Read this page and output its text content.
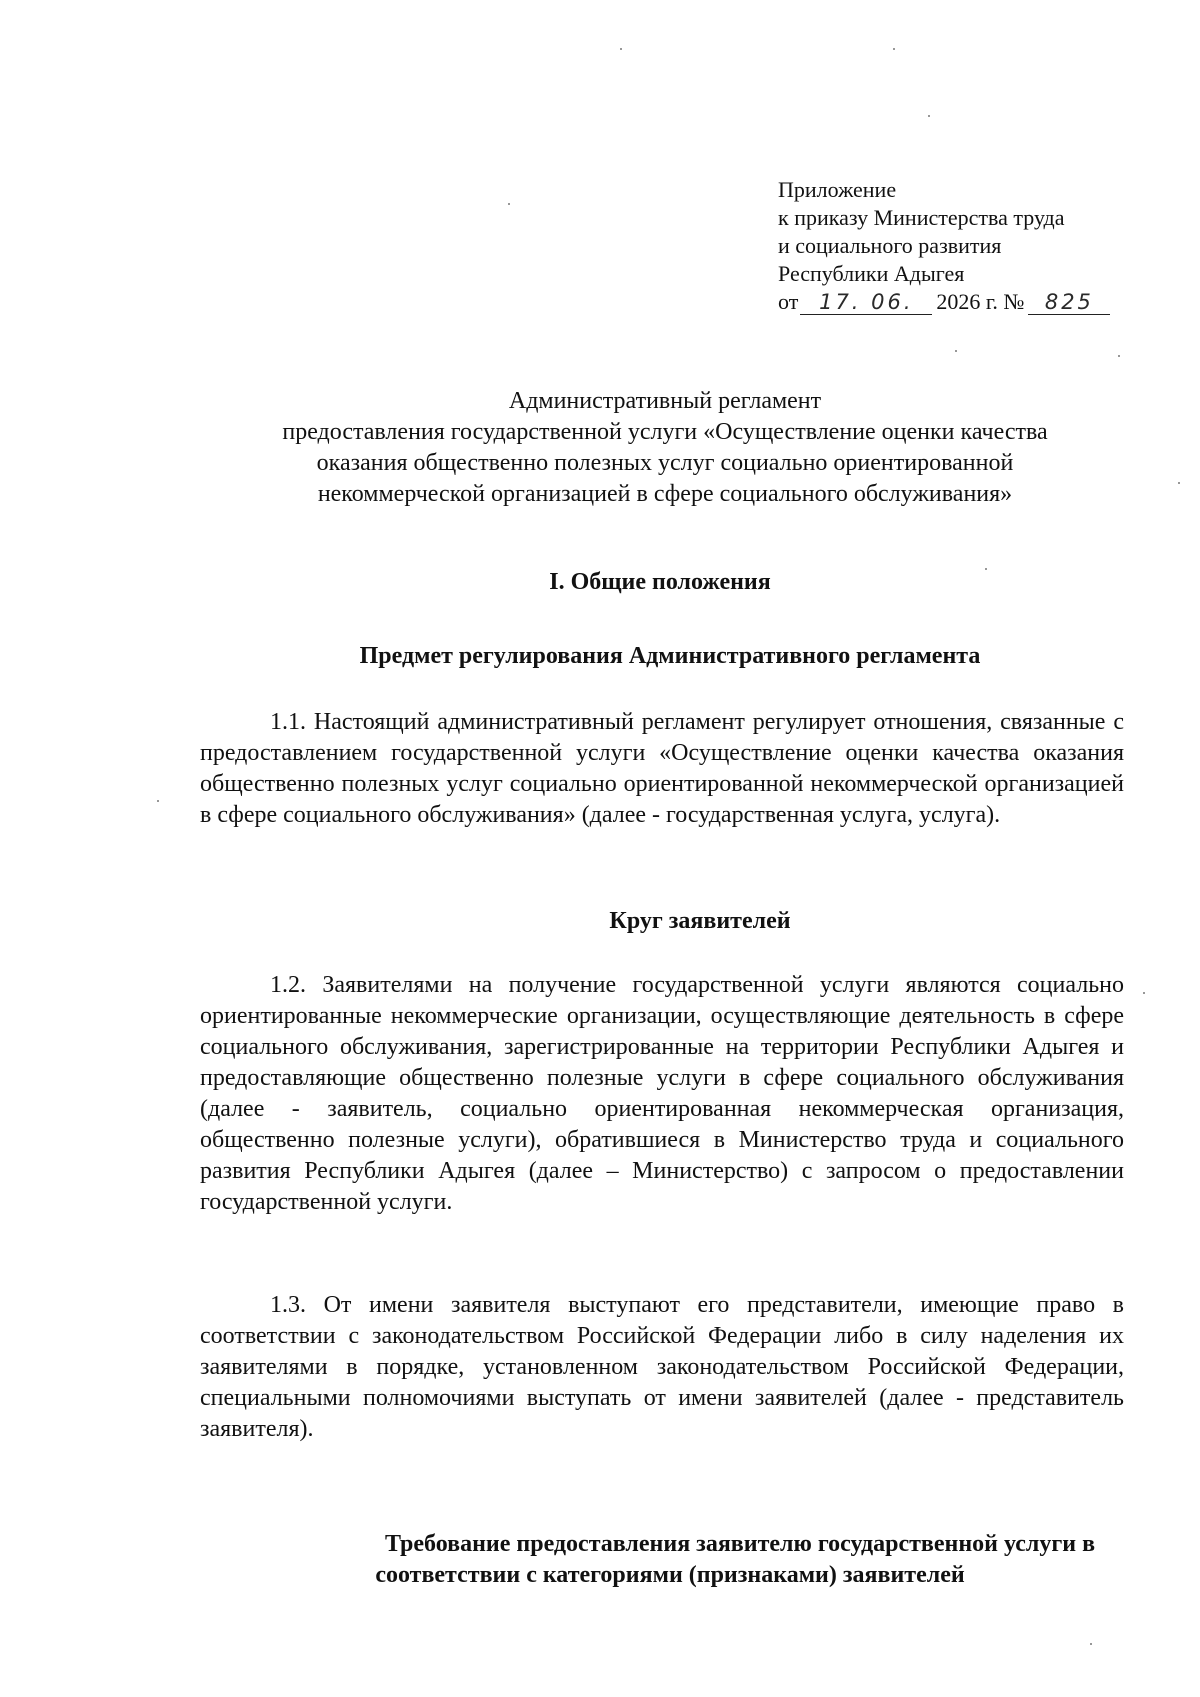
Приложение
к приказу Министерства труда
и социального развития
Республики Адыгея
от 17. 06. 2026 г. № 825
Административный регламент
предоставления государственной услуги «Осуществление оценки качества
оказания общественно полезных услуг социально ориентированной
некоммерческой организацией в сфере социального обслуживания»
I. Общие положения
Предмет регулирования Административного регламента

1.1. Настоящий административный регламент регулирует отношения, связанные с предоставлением государственной услуги «Осуществление оценки качества оказания общественно полезных услуг социально ориентированной некоммерческой организацией в сфере социального обслуживания» (далее - государственная услуга, услуга).

Круг заявителей

1.2. Заявителями на получение государственной услуги являются социально ориентированные некоммерческие организации, осуществляющие деятельность в сфере социального обслуживания, зарегистрированные на территории Республики Адыгея и предоставляющие общественно полезные услуги в сфере социального обслуживания (далее - заявитель, социально ориентированная некоммерческая организация, общественно полезные услуги), обратившиеся в Министерство труда и социального развития Республики Адыгея (далее – Министерство) с запросом о предоставлении государственной услуги.

1.3. От имени заявителя выступают его представители, имеющие право в соответствии с законодательством Российской Федерации либо в силу наделения их заявителями в порядке, установленном законодательством Российской Федерации, специальными полномочиями выступать от имени заявителей (далее - представитель заявителя).

Требование предоставления заявителю государственной услуги в
соответствии с категориями (признаками) заявителей
